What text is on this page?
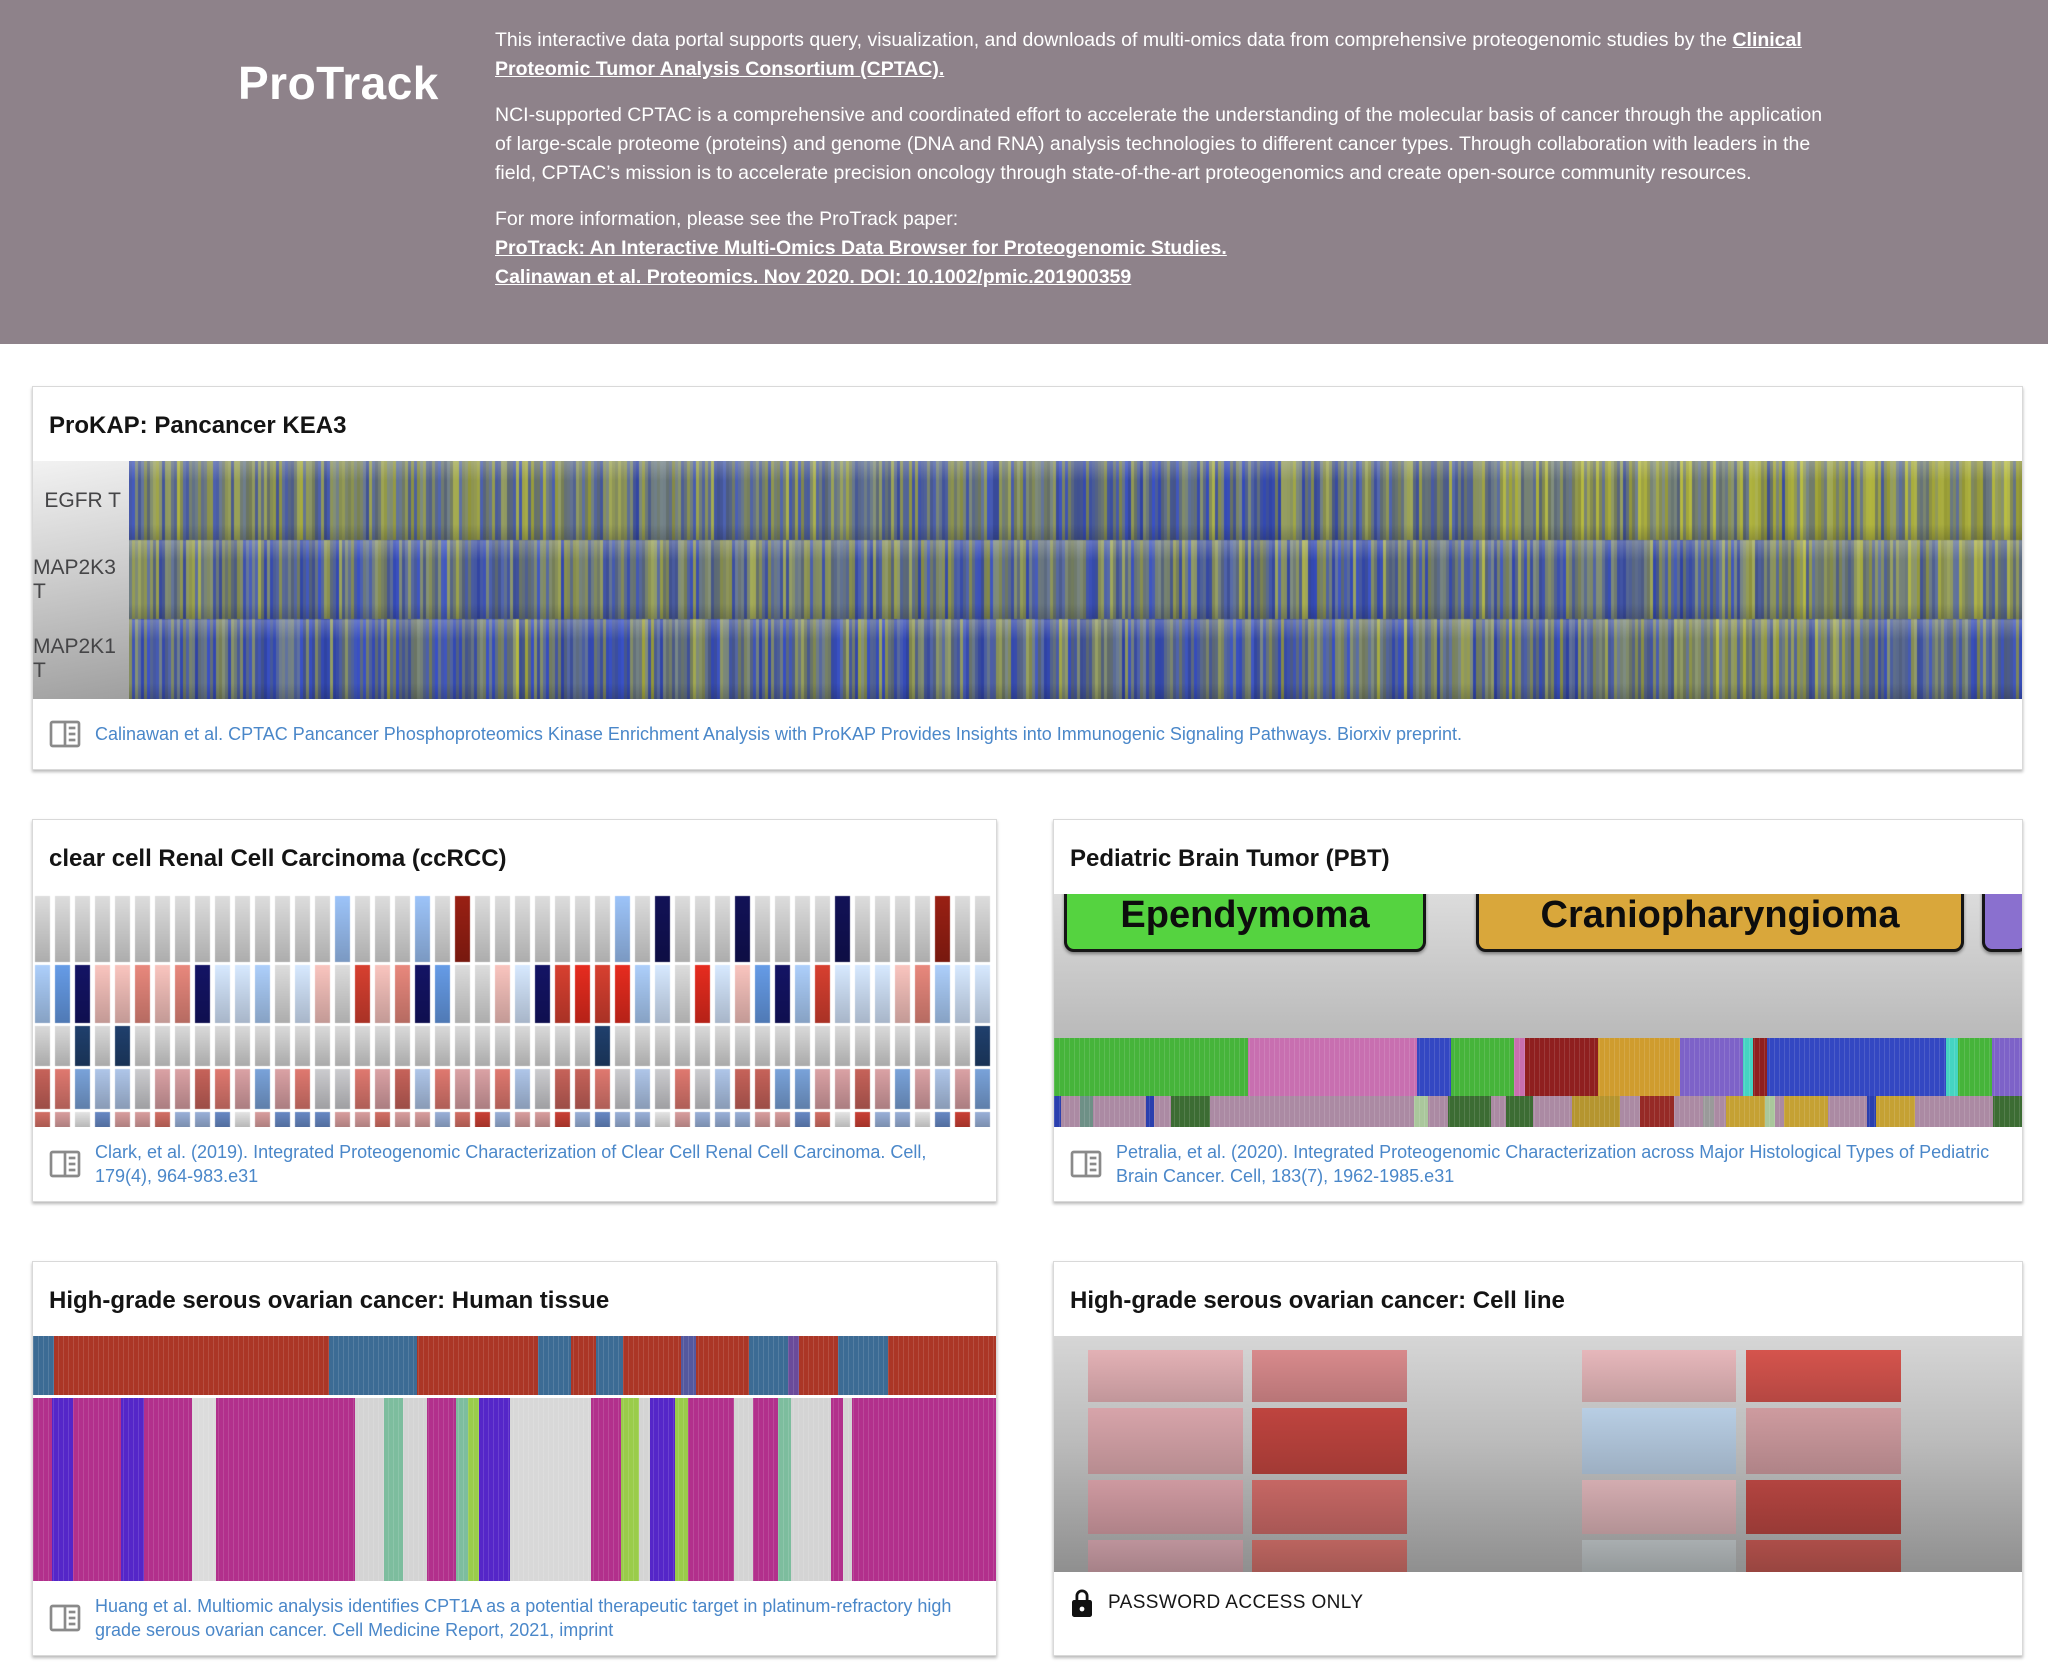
ProTrack

This interactive data portal supports query, visualization, and downloads of multi-omics data from comprehensive proteogenomic studies by the Clinical Proteomic Tumor Analysis Consortium (CPTAC).

NCI-supported CPTAC is a comprehensive and coordinated effort to accelerate the understanding of the molecular basis of cancer through the application of large-scale proteome (proteins) and genome (DNA and RNA) analysis technologies to different cancer types. Through collaboration with leaders in the field, CPTAC’s mission is to accelerate precision oncology through state-of-the-art proteogenomics and create open-source community resources.

For more information, please see the ProTrack paper:

ProTrack: An Interactive Multi-Omics Data Browser for Proteogenomic Studies.

Calinawan et al. Proteomics. Nov 2020. DOI: 10.1002/pmic.201900359

ProKAP: Pancancer KEA3
EGFR T
MAP2K3 T
MAP2K1 T
Calinawan et al. CPTAC Pancancer Phosphoproteomics Kinase Enrichment Analysis with ProKAP Provides Insights into Immunogenic Signaling Pathways. Biorxiv preprint.
clear cell Renal Cell Carcinoma (ccRCC)
Clark, et al. (2019). Integrated Proteogenomic Characterization of Clear Cell Renal Cell Carcinoma. Cell, 179(4), 964-983.e31
Pediatric Brain Tumor (PBT)
Ependymoma	Craniopharyngioma
Petralia, et al. (2020). Integrated Proteogenomic Characterization across Major Histological Types of Pediatric Brain Cancer. Cell, 183(7), 1962-1985.e31
High-grade serous ovarian cancer: Human tissue
Huang et al. Multiomic analysis identifies CPT1A as a potential therapeutic target in platinum-refractory high grade serous ovarian cancer. Cell Medicine Report, 2021, imprint
High-grade serous ovarian cancer: Cell line
PASSWORD ACCESS ONLY
